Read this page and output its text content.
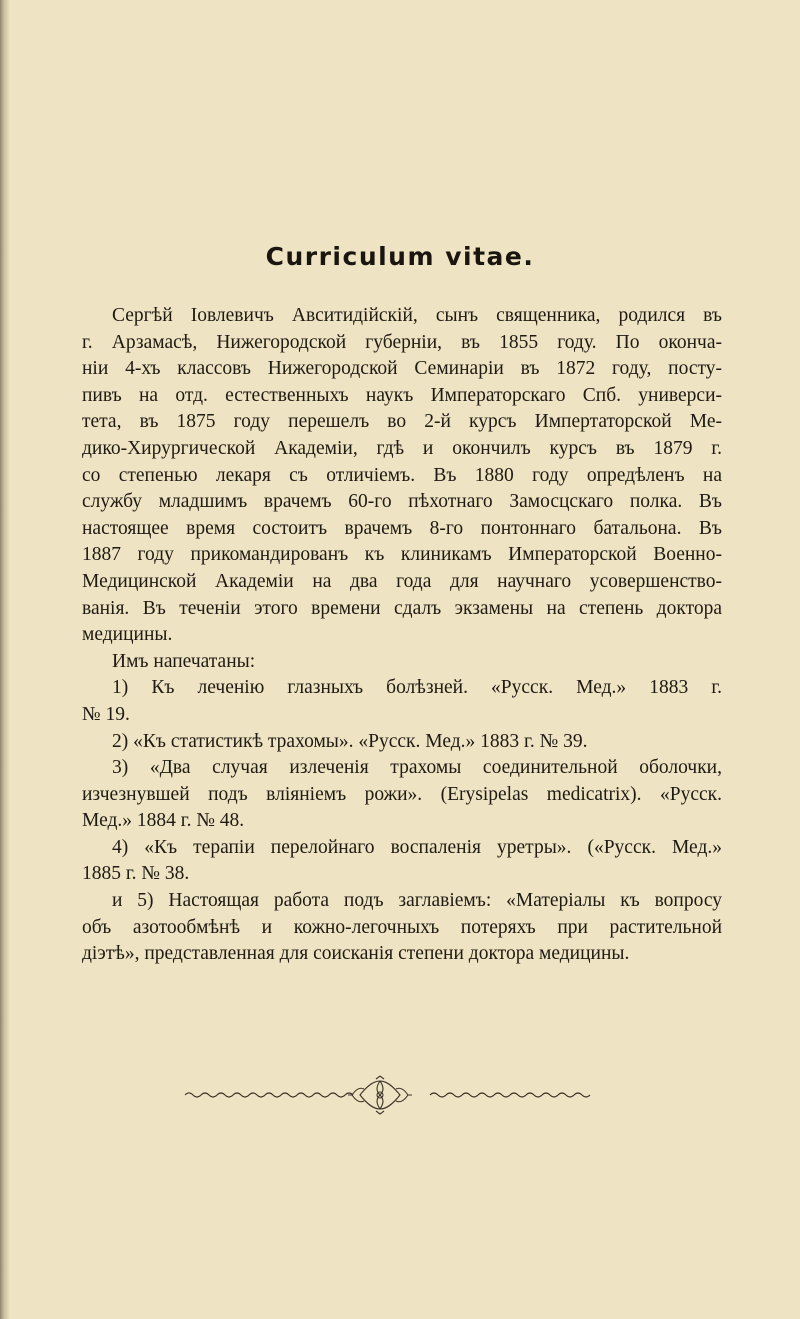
Curriculum vitae.
Сергѣй Іовлевичъ Авситидійскій, сынъ священника, родился въ
г. Арзамасѣ, Нижегородской губерніи, въ 1855 году. По оконча-
ніи 4-хъ классовъ Нижегородской Семинаріи въ 1872 году, посту-
пивъ на отд. естественныхъ наукъ Императорскаго Спб. универси-
тета, въ 1875 году перешелъ во 2-й курсъ Импертаторской Ме-
дико-Хирургической Академіи, гдѣ и окончилъ курсъ въ 1879 г.
со степенью лекаря съ отличіемъ. Въ 1880 году опредѣленъ на
службу младшимъ врачемъ 60-го пѣхотнаго Замосцскаго полка. Въ
настоящее время состоитъ врачемъ 8-го понтоннаго батальона. Въ
1887 году прикомандированъ къ клиникамъ Императорской Военно-
Медицинской Академіи на два года для научнаго усовершенство-
ванія. Въ теченіи этого времени сдалъ экзамены на степень доктора
медицины.
Имъ напечатаны:
1) Къ леченію глазныхъ болѣзней. «Русск. Мед.» 1883 г.
№ 19.
2) «Къ статистикѣ трахомы». «Русск. Мед.» 1883 г. № 39.
3) «Два случая излеченія трахомы соединительной оболочки,
изчезнувшей подъ вліяніемъ рожи». (Erysipelas medicatrix). «Русск.
Мед.» 1884 г. № 48.
4) «Къ терапіи перелойнаго воспаленія уретры». («Русск. Мед.»
1885 г. № 38.
и 5) Настоящая работа подъ заглавіемъ: «Матеріалы къ вопросу
объ азотообмѣнѣ и кожно-легочныхъ потеряхъ при растительной
діэтѣ», представленная для соисканія степени доктора медицины.
